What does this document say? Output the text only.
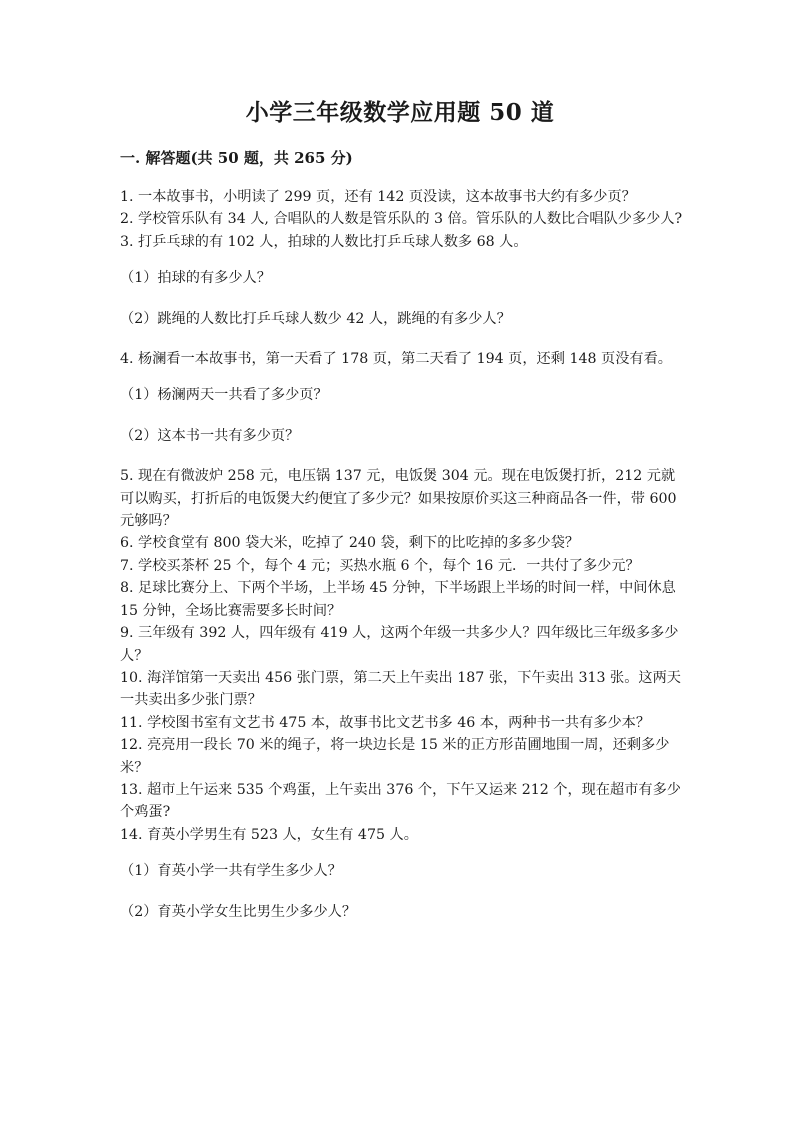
小学三年级数学应用题 50 道
一. 解答题(共 50 题，共 265 分)

1. 一本故事书，小明读了 299 页，还有 142 页没读，这本故事书大约有多少页？

2. 学校管乐队有 34 人, 合唱队的人数是管乐队的 3 倍。管乐队的人数比合唱队少多少人?

3. 打乒乓球的有 102 人，拍球的人数比打乒乓球人数多 68 人。

（1）拍球的有多少人？

（2）跳绳的人数比打乒乓球人数少 42 人，跳绳的有多少人？

4. 杨澜看一本故事书，第一天看了 178 页，第二天看了 194 页，还剩 148 页没有看。

（1）杨澜两天一共看了多少页？

（2）这本书一共有多少页？

5. 现在有微波炉 258 元，电压锅 137 元，电饭煲 304 元。现在电饭煲打折，212 元就可以购买，打折后的电饭煲大约便宜了多少元？如果按原价买这三种商品各一件，带 600 元够吗？

6. 学校食堂有 800 袋大米，吃掉了 240 袋，剩下的比吃掉的多多少袋？

7. 学校买茶杯 25 个，每个 4 元；买热水瓶 6 个，每个 16 元．一共付了多少元？

8. 足球比赛分上、下两个半场，上半场 45 分钟，下半场跟上半场的时间一样，中间休息 15 分钟，全场比赛需要多长时间？

9. 三年级有 392 人，四年级有 419 人，这两个年级一共多少人？四年级比三年级多多少人？

10. 海洋馆第一天卖出 456 张门票，第二天上午卖出 187 张，下午卖出 313 张。这两天一共卖出多少张门票？

11. 学校图书室有文艺书 475 本，故事书比文艺书多 46 本，两种书一共有多少本？

12. 亮亮用一段长 70 米的绳子，将一块边长是 15 米的正方形苗圃地围一周，还剩多少米？

13. 超市上午运来 535 个鸡蛋，上午卖出 376 个，下午又运来 212 个，现在超市有多少个鸡蛋?

14. 育英小学男生有 523 人，女生有 475 人。

（1）育英小学一共有学生多少人？

（2）育英小学女生比男生少多少人？
